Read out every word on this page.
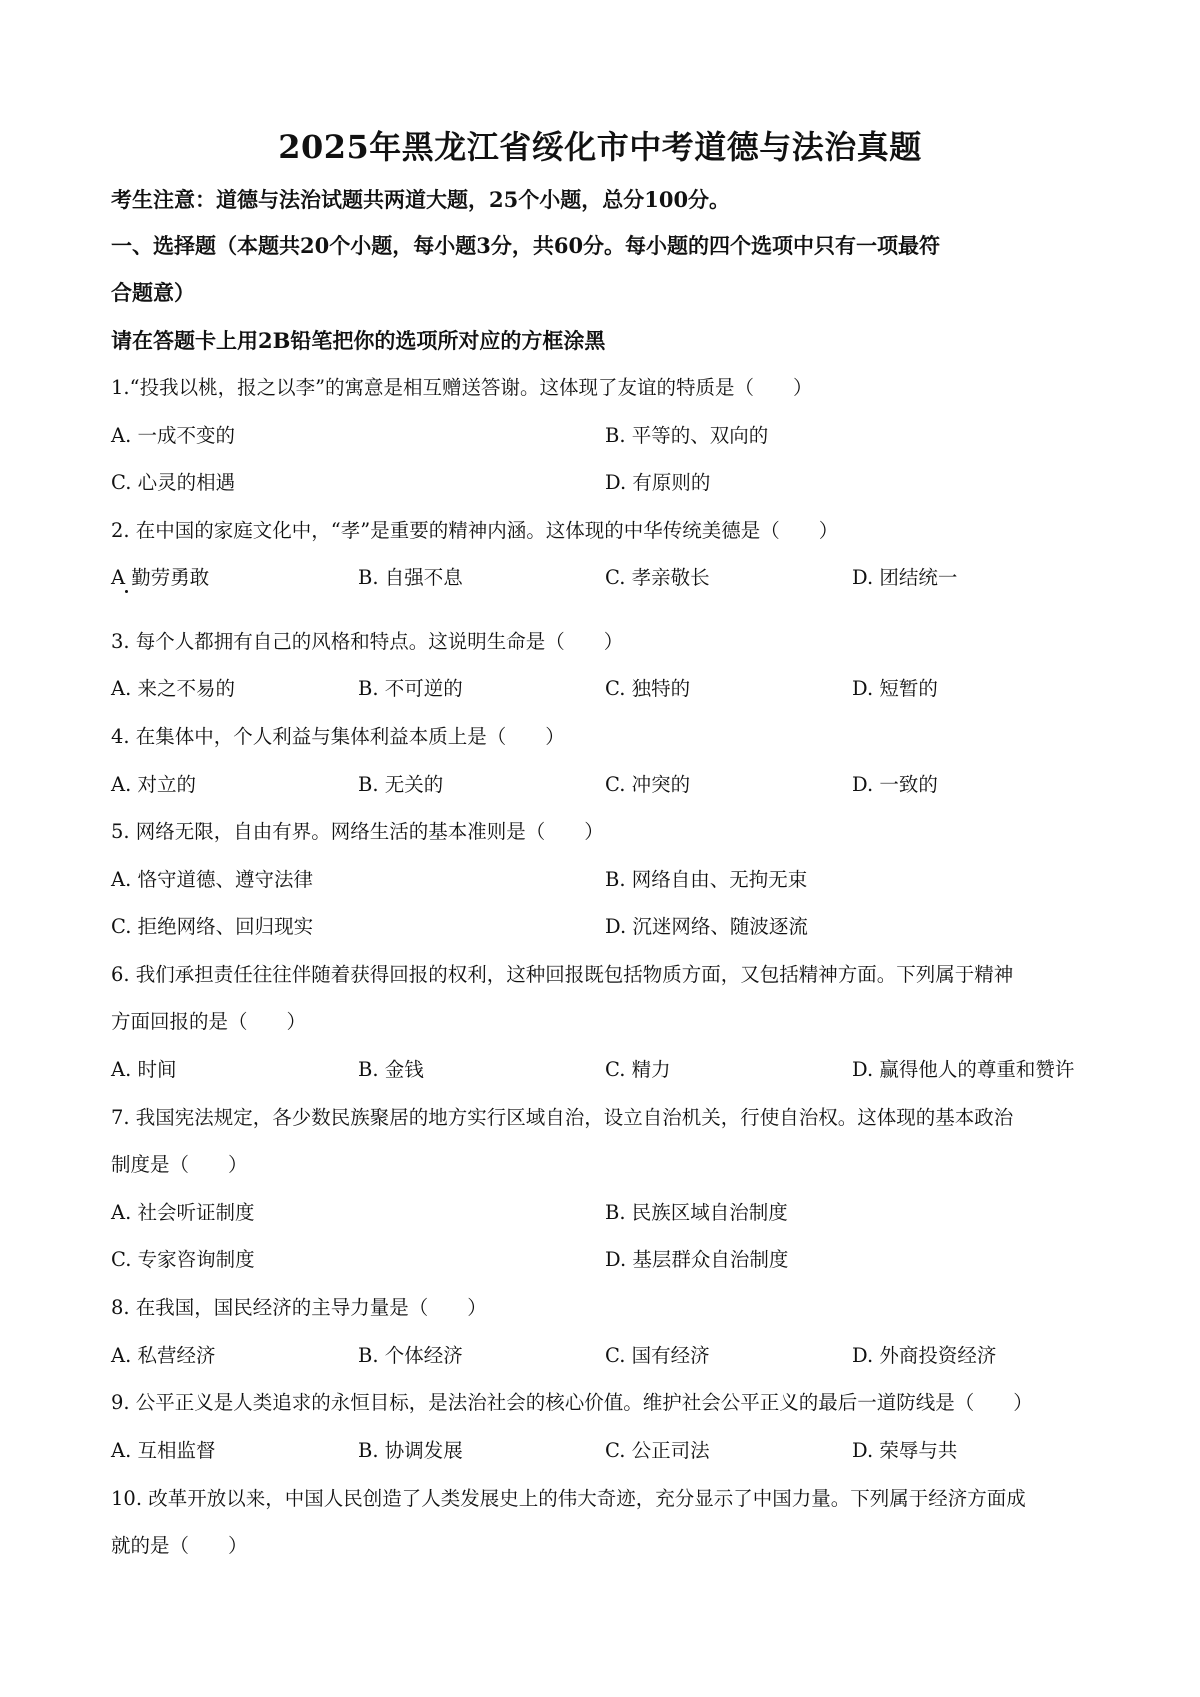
2025年黑龙江省绥化市中考道德与法治真题
考生注意：道德与法治试题共两道大题，25个小题，总分100分。
一、选择题（本题共20个小题，每小题3分，共60分。每小题的四个选项中只有一项最符
合题意）
请在答题卡上用2B铅笔把你的选项所对应的方框涂黑
1.“投我以桃，报之以李”的寓意是相互赠送答谢。这体现了友谊的特质是（　　）
A. 一成不变的	B. 平等的、双向的
C. 心灵的相遇	D. 有原则的
2. 在中国的家庭文化中，“孝”是重要的精神内涵。这体现的中华传统美德是（　　）
A 勤劳勇敢	B. 自强不息	C. 孝亲敬长	D. 团结统一
3. 每个人都拥有自己的风格和特点。这说明生命是（　　）
A. 来之不易的	B. 不可逆的	C. 独特的	D. 短暂的
4. 在集体中，个人利益与集体利益本质上是（　　）
A. 对立的	B. 无关的	C. 冲突的	D. 一致的
5. 网络无限，自由有界。网络生活的基本准则是（　　）
A. 恪守道德、遵守法律	B. 网络自由、无拘无束
C. 拒绝网络、回归现实	D. 沉迷网络、随波逐流
6. 我们承担责任往往伴随着获得回报的权利，这种回报既包括物质方面，又包括精神方面。下列属于精神
方面回报的是（　　）
A. 时间	B. 金钱	C. 精力	D. 赢得他人的尊重和赞许
7. 我国宪法规定，各少数民族聚居的地方实行区域自治，设立自治机关，行使自治权。这体现的基本政治
制度是（　　）
A. 社会听证制度	B. 民族区域自治制度
C. 专家咨询制度	D. 基层群众自治制度
8. 在我国，国民经济的主导力量是（　　）
A. 私营经济	B. 个体经济	C. 国有经济	D. 外商投资经济
9. 公平正义是人类追求的永恒目标，是法治社会的核心价值。维护社会公平正义的最后一道防线是（　　）
A. 互相监督	B. 协调发展	C. 公正司法	D. 荣辱与共
10. 改革开放以来，中国人民创造了人类发展史上的伟大奇迹，充分显示了中国力量。下列属于经济方面成
就的是（　　）
